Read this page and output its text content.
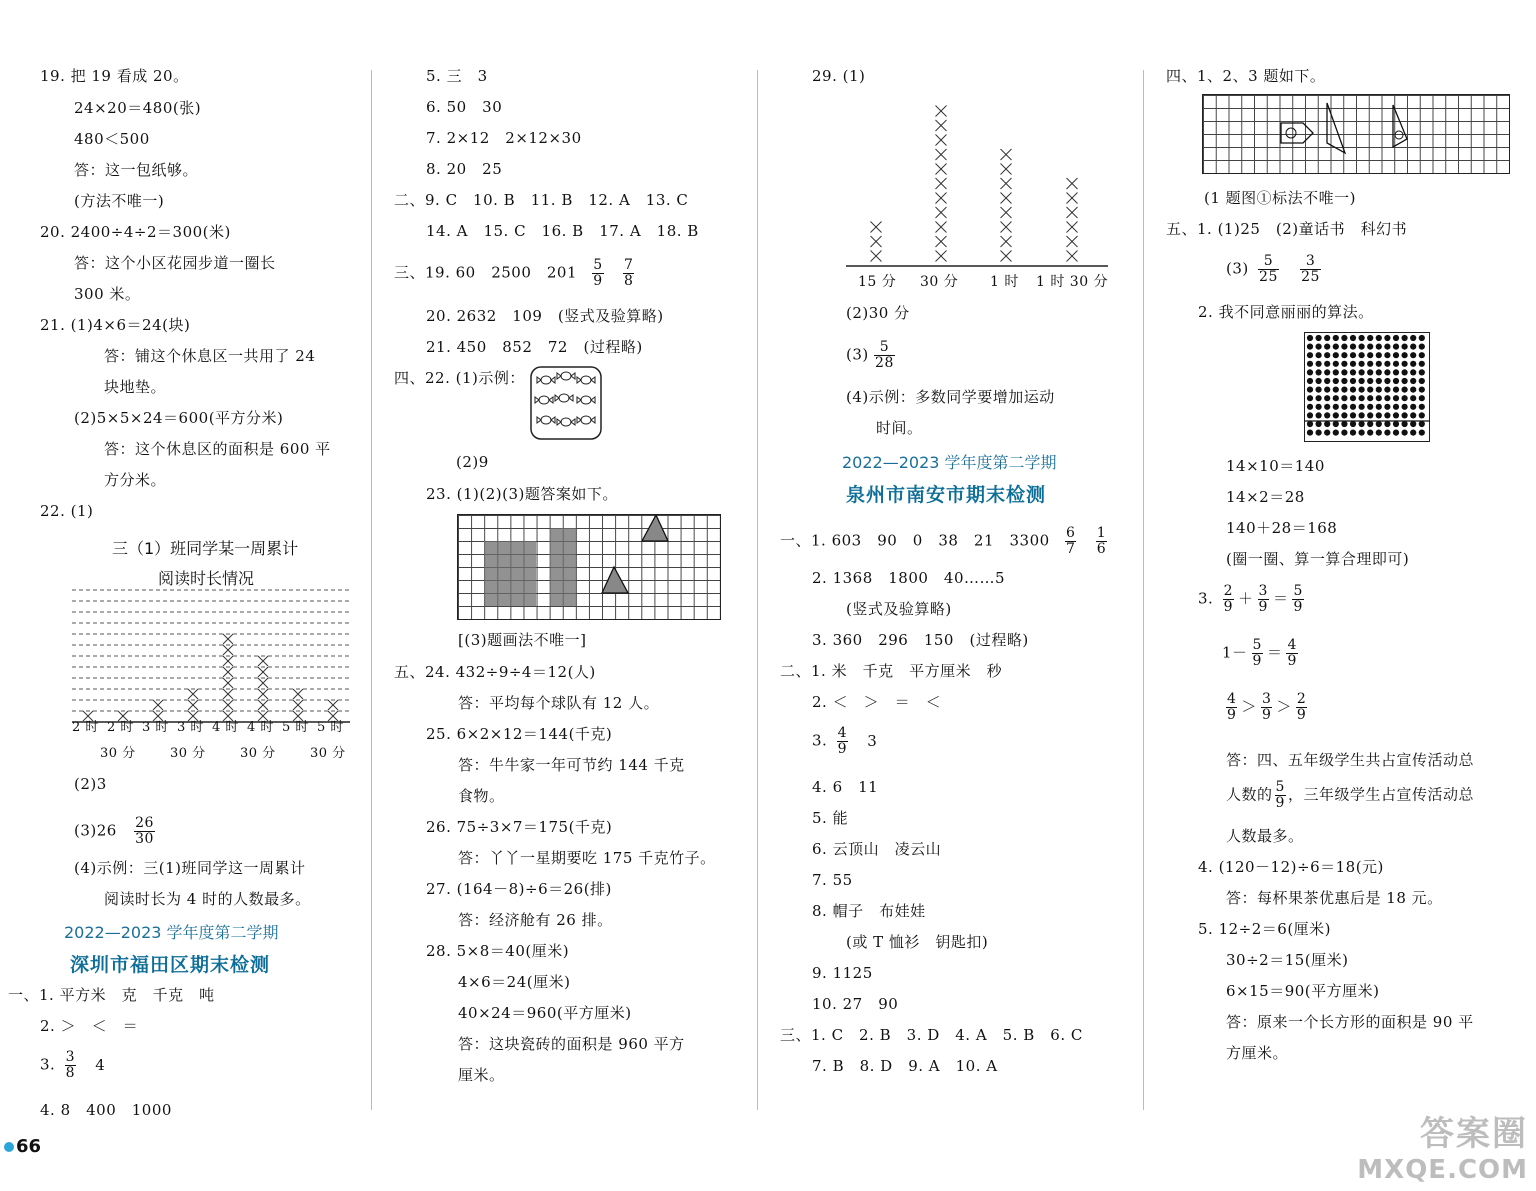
19. 把 19 看成 20。
24×20＝480(张)
480＜500
答：这一包纸够。
(方法不唯一)
20. 2400÷4÷2＝300(米)
答：这个小区花园步道一圈长
300 米。
21. (1)4×6＝24(块)
答：铺这个休息区一共用了 24
块地垫。
(2)5×5×24＝600(平方分米)
答：这个休息区的面积是 600 平
方分米。
22. (1)
三（1）班同学某一周累计
阅读时长情况
2 时 2 时 3 时 3 时 4 时 4 时 5 时 5 时
30 分	30 分	30 分	30 分
(2)3
$(3)26 \frac{26}{30}$
(4)示例：三(1)班同学这一周累计
阅读时长为 4 时的人数最多。
2022—2023 学年度第二学期
深圳市福田区期末检测
一、1. 平方米　克　千克　吨
2. ＞　＜　＝
3. $\frac{3}{8} 4$
4. 8　400　1000
5. 三　3
6. 50　30
7. 2×12　2×12×30
8. 20　25
二、9. C　10. B　11. B　12. A　13. C
14. A　15. C　16. B　17. A　18. B
三、19. 60　2500　$201 \frac{5}{9}$
$\frac{7}{8}$
20. 2632　109　(竖式及验算略)
21. 450　852　72　(过程略)
四、22. (1)示例：
(2)9
23. (1)(2)(3)题答案如下。
[(3)题画法不唯一]
五、24. 432÷9÷4＝12(人)
答：平均每个球队有 12 人。
25. 6×2×12＝144(千克)
答：牛牛家一年可节约 144 千克
食物。
26. 75÷3×7＝175(千克)
答：丫丫一星期要吃 175 千克竹子。
27. (164－8)÷6＝26(排)
答：经济舱有 26 排。
28. 5×8＝40(厘米)
4×6＝24(厘米)
40×24＝960(平方厘米)
答：这块瓷砖的面积是 960 平方
厘米。
29. (1)
15 分 30 分 1 时 1 时 30 分
(2)30 分
$(3) \frac{5}{28}$
(4)示例：多数同学要增加运动
时间。
2022—2023 学年度第二学期
泉州市南安市期末检测
一、1. 603　90　0　38　21　$3300 \frac{6}{7}$
$\frac{1}{6}$
2. 1368　1800　40……5
(竖式及验算略)
3. 360　296　150　(过程略)
二、1. 米　千克　平方厘米　秒
2. ＜　＞　＝　＜
3. $\frac{4}{9} 3$
4. 6　11
5. 能
6. 云顶山　凌云山
7. 55
8. 帽子　布娃娃
(或 T 恤衫　钥匙扣)
9. 1125
10. 27　90
三、1. C　2. B　3. D　4. A　5. B　6. C
7. B　8. D　9. A　10. A
四、1、2、3 题如下。
(1 题图①标法不唯一)
五、1. (1)25　(2)童话书　科幻书
$(3) \frac{5}{25}$
$\frac{3}{25}$
2. 我不同意丽丽的算法。
14×10＝140
14×2＝28
140＋28＝168
(圈一圈、算一算合理即可)
3. $\frac{2}{9} + \frac{3}{9} = \frac{5}{9}$
$1- \frac{5}{9} = \frac{4}{9}$
$\frac{4}{9} > \frac{3}{9} > \frac{2}{9}$
答：四、五年级学生共占宣传活动总
人数的 $\frac{5}{9}$ ，三年级学生占宣传活动总
人数最多。
4. (120－12)÷6＝18(元)
答：每杯果茶优惠后是 18 元。
5. 12÷2＝6(厘米)
30÷2＝15(厘米)
6×15＝90(平方厘米)
答：原来一个长方形的面积是 90 平
方厘米。
66	答案圈
MXQE.COM
